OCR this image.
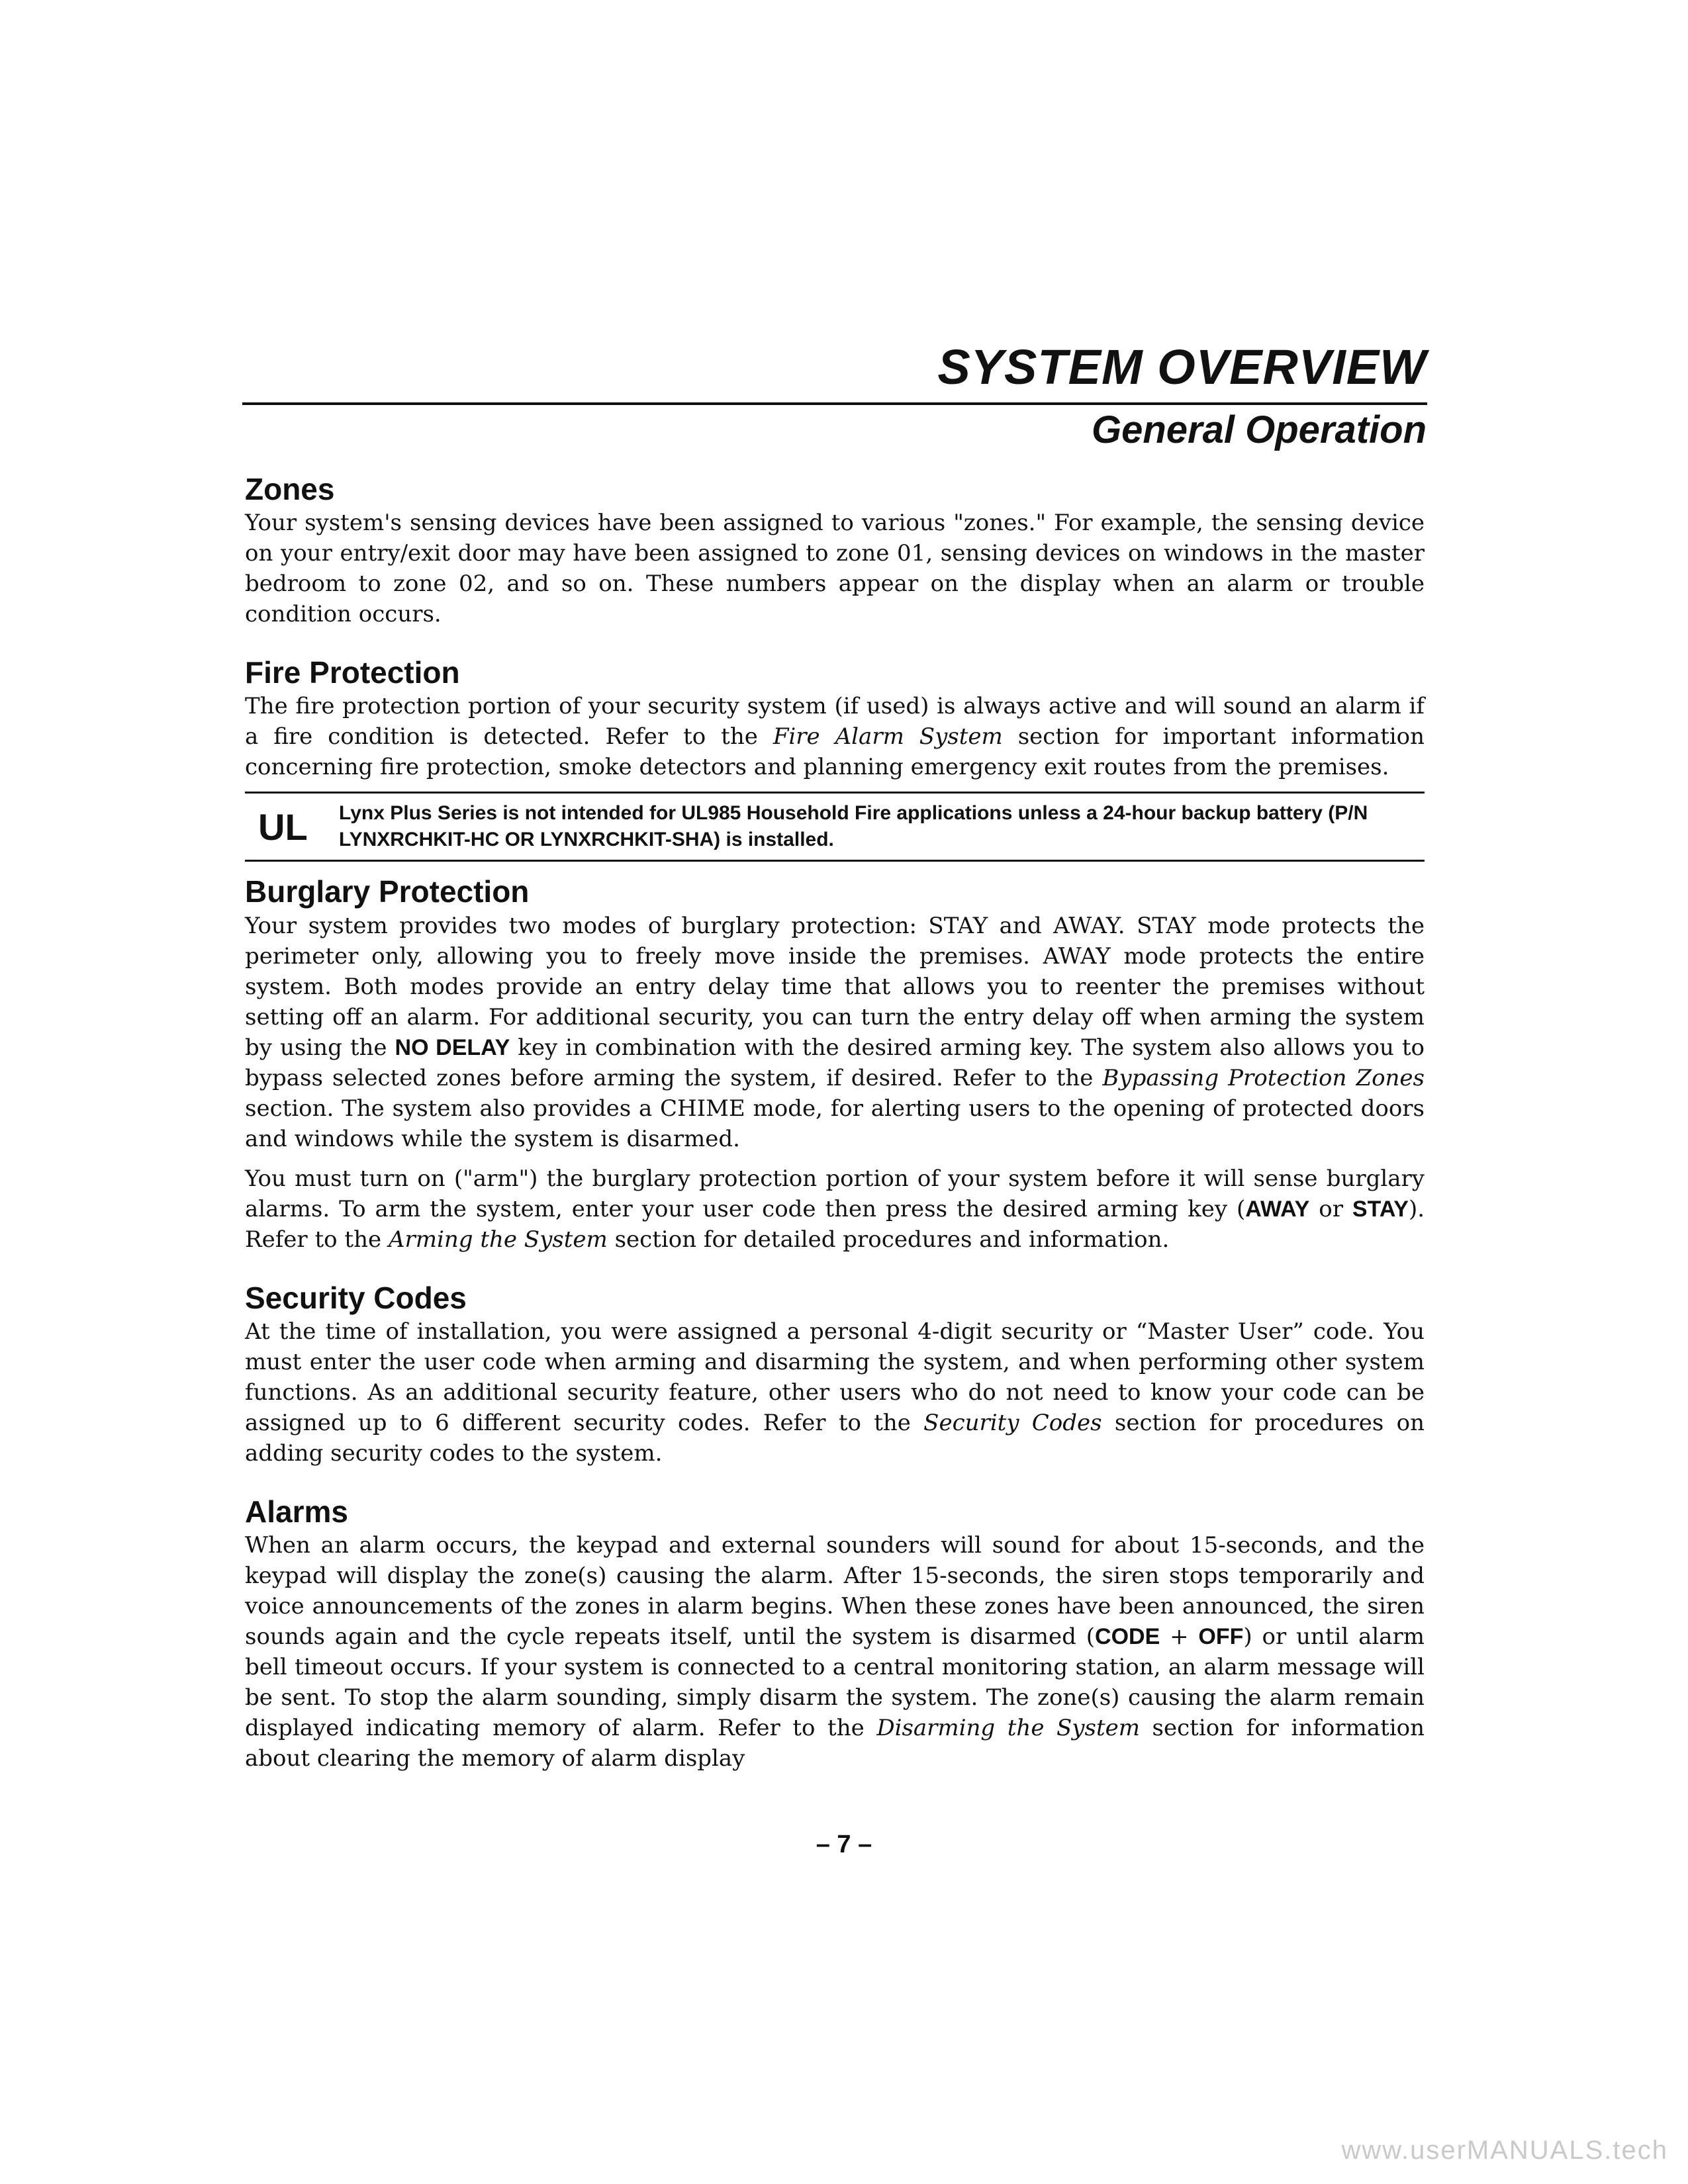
SYSTEM OVERVIEW
General Operation
Zones

Your system's sensing devices have been assigned to various "zones." For example, the sensing device on your entry/exit door may have been assigned to zone 01, sensing devices on windows in the master bedroom to zone 02, and so on. These numbers appear on the display when an alarm or trouble condition occurs.

Fire Protection

The fire protection portion of your security system (if used) is always active and will sound an alarm if a fire condition is detected. Refer to the Fire Alarm System section for important information concerning fire protection, smoke detectors and planning emergency exit routes from the premises.

UL	Lynx Plus Series is not intended for UL985 Household Fire applications unless a 24-hour backup battery (P/N LYNXRCHKIT-HC OR LYNXRCHKIT-SHA) is installed.
Burglary Protection

Your system provides two modes of burglary protection: STAY and AWAY. STAY mode protects the perimeter only, allowing you to freely move inside the premises. AWAY mode protects the entire system. Both modes provide an entry delay time that allows you to reenter the premises without setting off an alarm. For additional security, you can turn the entry delay off when arming the system by using the NO DELAY key in combination with the desired arming key. The system also allows you to bypass selected zones before arming the system, if desired. Refer to the Bypassing Protection Zones section. The system also provides a CHIME mode, for alerting users to the opening of protected doors and windows while the system is disarmed.

You must turn on ("arm") the burglary protection portion of your system before it will sense burglary alarms. To arm the system, enter your user code then press the desired arming key (AWAY or STAY). Refer to the Arming the System section for detailed procedures and information.

Security Codes

At the time of installation, you were assigned a personal 4-digit security or “Master User” code. You must enter the user code when arming and disarming the system, and when performing other system functions. As an additional security feature, other users who do not need to know your code can be assigned up to 6 different security codes. Refer to the Security Codes section for procedures on adding security codes to the system.

Alarms

When an alarm occurs, the keypad and external sounders will sound for about 15-seconds, and the keypad will display the zone(s) causing the alarm. After 15-seconds, the siren stops temporarily and voice announcements of the zones in alarm begins. When these zones have been announced, the siren sounds again and the cycle repeats itself, until the system is disarmed (CODE + OFF) or until alarm bell timeout occurs. If your system is connected to a central monitoring station, an alarm message will be sent. To stop the alarm sounding, simply disarm the system. The zone(s) causing the alarm remain displayed indicating memory of alarm. Refer to the Disarming the System section for information about clearing the memory of alarm display

– 7 –
www.userMANUALS.tech
